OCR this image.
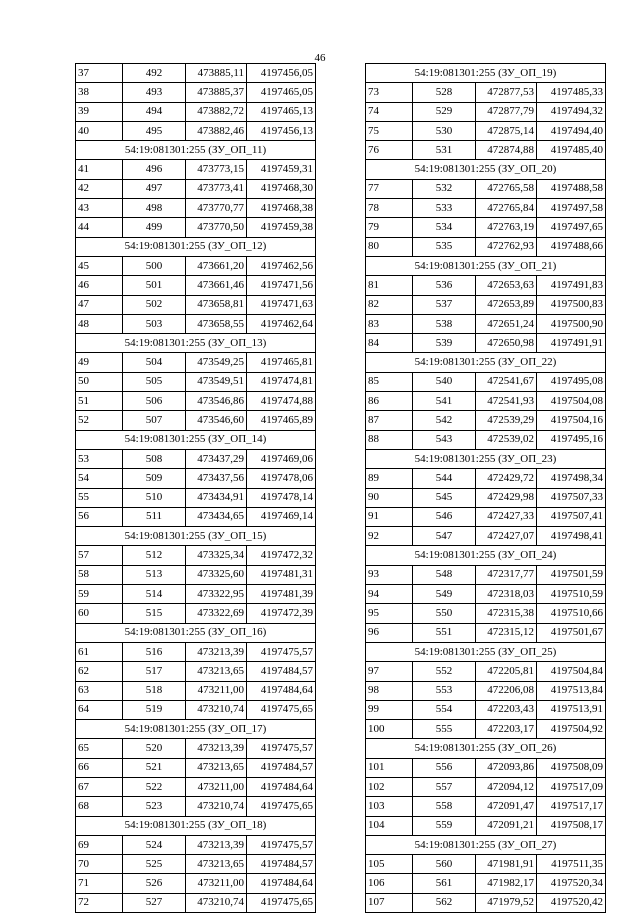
46
37	492	473885,11	4197456,05
38	493	473885,37	4197465,05
39	494	473882,72	4197465,13
40	495	473882,46	4197456,13
54:19:081301:255 (ЗУ_ОП_11)			
41	496	473773,15	4197459,31
42	497	473773,41	4197468,30
43	498	473770,77	4197468,38
44	499	473770,50	4197459,38
54:19:081301:255 (ЗУ_ОП_12)			
45	500	473661,20	4197462,56
46	501	473661,46	4197471,56
47	502	473658,81	4197471,63
48	503	473658,55	4197462,64
54:19:081301:255 (ЗУ_ОП_13)			
49	504	473549,25	4197465,81
50	505	473549,51	4197474,81
51	506	473546,86	4197474,88
52	507	473546,60	4197465,89
54:19:081301:255 (ЗУ_ОП_14)			
53	508	473437,29	4197469,06
54	509	473437,56	4197478,06
55	510	473434,91	4197478,14
56	511	473434,65	4197469,14
54:19:081301:255 (ЗУ_ОП_15)			
57	512	473325,34	4197472,32
58	513	473325,60	4197481,31
59	514	473322,95	4197481,39
60	515	473322,69	4197472,39
54:19:081301:255 (ЗУ_ОП_16)			
61	516	473213,39	4197475,57
62	517	473213,65	4197484,57
63	518	473211,00	4197484,64
64	519	473210,74	4197475,65
54:19:081301:255 (ЗУ_ОП_17)			
65	520	473213,39	4197475,57
66	521	473213,65	4197484,57
67	522	473211,00	4197484,64
68	523	473210,74	4197475,65
54:19:081301:255 (ЗУ_ОП_18)			
69	524	473213,39	4197475,57
70	525	473213,65	4197484,57
71	526	473211,00	4197484,64
72	527	473210,74	4197475,65
54:19:081301:255 (ЗУ_ОП_19)			
73	528	472877,53	4197485,33
74	529	472877,79	4197494,32
75	530	472875,14	4197494,40
76	531	472874,88	4197485,40
54:19:081301:255 (ЗУ_ОП_20)			
77	532	472765,58	4197488,58
78	533	472765,84	4197497,58
79	534	472763,19	4197497,65
80	535	472762,93	4197488,66
54:19:081301:255 (ЗУ_ОП_21)			
81	536	472653,63	4197491,83
82	537	472653,89	4197500,83
83	538	472651,24	4197500,90
84	539	472650,98	4197491,91
54:19:081301:255 (ЗУ_ОП_22)			
85	540	472541,67	4197495,08
86	541	472541,93	4197504,08
87	542	472539,29	4197504,16
88	543	472539,02	4197495,16
54:19:081301:255 (ЗУ_ОП_23)			
89	544	472429,72	4197498,34
90	545	472429,98	4197507,33
91	546	472427,33	4197507,41
92	547	472427,07	4197498,41
54:19:081301:255 (ЗУ_ОП_24)			
93	548	472317,77	4197501,59
94	549	472318,03	4197510,59
95	550	472315,38	4197510,66
96	551	472315,12	4197501,67
54:19:081301:255 (ЗУ_ОП_25)			
97	552	472205,81	4197504,84
98	553	472206,08	4197513,84
99	554	472203,43	4197513,91
100	555	472203,17	4197504,92
54:19:081301:255 (ЗУ_ОП_26)			
101	556	472093,86	4197508,09
102	557	472094,12	4197517,09
103	558	472091,47	4197517,17
104	559	472091,21	4197508,17
54:19:081301:255 (ЗУ_ОП_27)			
105	560	471981,91	4197511,35
106	561	471982,17	4197520,34
107	562	471979,52	4197520,42
